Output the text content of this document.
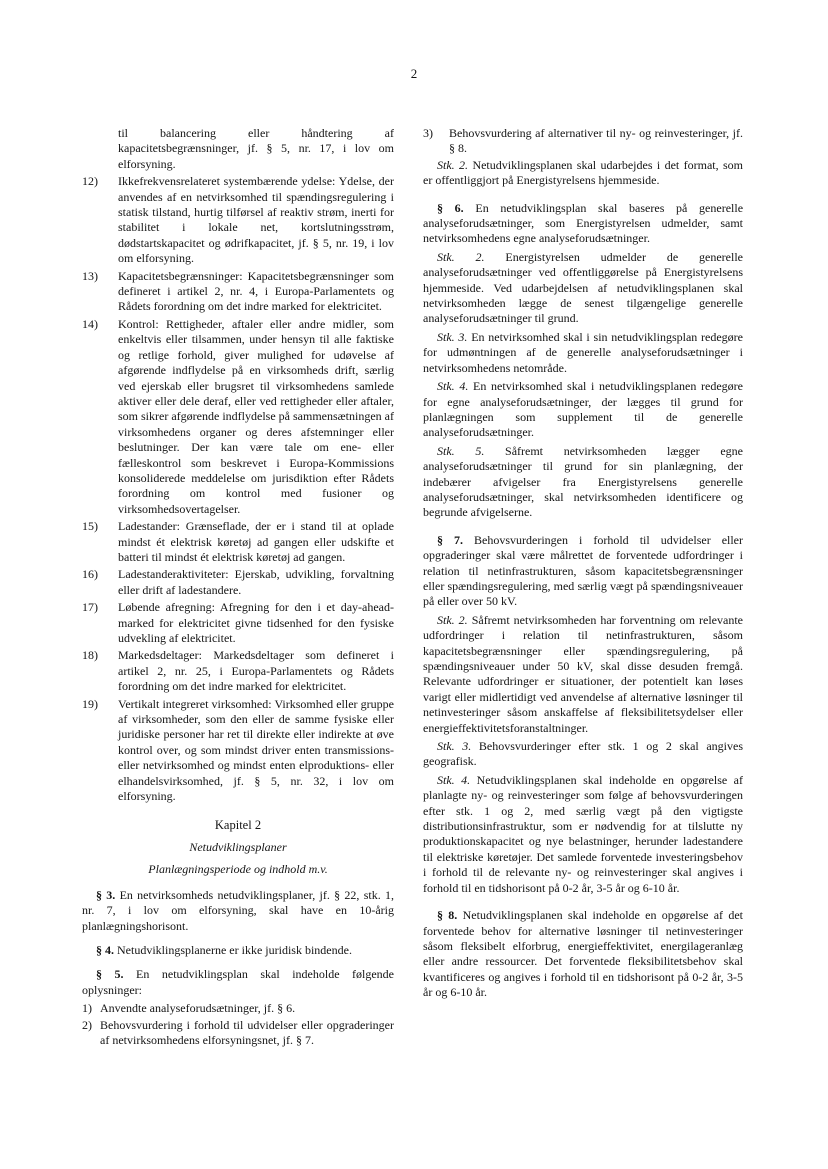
2
til balancering eller håndtering af kapacitetsbegrænsninger, jf. § 5, nr. 17, i lov om elforsyning.
12) Ikkefrekvensrelateret systembærende ydelse: Ydelse, der anvendes af en netvirksomhed til spændingsregulering i statisk tilstand, hurtig tilførsel af reaktiv strøm, inerti for stabilitet i lokale net, kortslutningsstrøm, dødstartskapacitet og ødrifkapacitet, jf. § 5, nr. 19, i lov om elforsyning.
13) Kapacitetsbegrænsninger: Kapacitetsbegrænsninger som defineret i artikel 2, nr. 4, i Europa-Parlamentets og Rådets forordning om det indre marked for elektricitet.
14) Kontrol: Rettigheder, aftaler eller andre midler, som enkeltvis eller tilsammen, under hensyn til alle faktiske og retlige forhold, giver mulighed for udøvelse af afgørende indflydelse på en virksomheds drift, særlig ved ejerskab eller brugsret til virksomhedens samlede aktiver eller dele deraf, eller ved rettigheder eller aftaler, som sikrer afgørende indflydelse på sammensætningen af virksomhedens organer og deres afstemninger eller beslutninger. Der kan være tale om ene- eller fælleskontrol som beskrevet i Europa-Kommissions konsoliderede meddelelse om jurisdiktion efter Rådets forordning om kontrol med fusioner og virksomhedsovertagelser.
15) Ladestander: Grænseflade, der er i stand til at oplade mindst ét elektrisk køretøj ad gangen eller udskifte et batteri til mindst ét elektrisk køretøj ad gangen.
16) Ladestanderaktiviteter: Ejerskab, udvikling, forvaltning eller drift af ladestandere.
17) Løbende afregning: Afregning for den i et day-ahead-marked for elektricitet givne tidsenhed for den fysiske udvekling af elektricitet.
18) Markedsdeltager: Markedsdeltager som defineret i artikel 2, nr. 25, i Europa-Parlamentets og Rådets forordning om det indre marked for elektricitet.
19) Vertikalt integreret virksomhed: Virksomhed eller gruppe af virksomheder, som den eller de samme fysiske eller juridiske personer har ret til direkte eller indirekte at øve kontrol over, og som mindst driver enten transmissions- eller netvirksomhed og mindst enten elproduktions- eller elhandelsvirksomhed, jf. § 5, nr. 32, i lov om elforsyning.
Kapitel 2
Netudviklingsplaner
Planlægningsperiode og indhold m.v.

§ 3. En netvirksomheds netudviklingsplaner, jf. § 22, stk. 1, nr. 7, i lov om elforsyning, skal have en 10-årig planlægningshorisont.

§ 4. Netudviklingsplanerne er ikke juridisk bindende.

§ 5. En netudviklingsplan skal indeholde følgende oplysninger:

1) Anvendte analyseforudsætninger, jf. § 6.
2) Behovsvurdering i forhold til udvidelser eller opgraderinger af netvirksomhedens elforsyningsnet, jf. § 7.
3) Behovsvurdering af alternativer til ny- og reinvesteringer, jf. § 8.

Stk. 2. Netudviklingsplanen skal udarbejdes i det format, som er offentliggjort på Energistyrelsens hjemmeside.

§ 6. En netudviklingsplan skal baseres på generelle analyseforudsætninger, som Energistyrelsen udmelder, samt netvirksomhedens egne analyseforudsætninger.

Stk. 2. Energistyrelsen udmelder de generelle analyseforudsætninger ved offentliggørelse på Energistyrelsens hjemmeside. Ved udarbejdelsen af netudviklingsplanen skal netvirksomheden lægge de senest tilgængelige generelle analyseforudsætninger til grund.

Stk. 3. En netvirksomhed skal i sin netudviklingsplan redegøre for udmøntningen af de generelle analyseforudsætninger i netvirksomhedens netområde.

Stk. 4. En netvirksomhed skal i netudviklingsplanen redegøre for egne analyseforudsætninger, der lægges til grund for planlægningen som supplement til de generelle analyseforudsætninger.

Stk. 5. Såfremt netvirksomheden lægger egne analyseforudsætninger til grund for sin planlægning, der indebærer afvigelser fra Energistyrelsens generelle analyseforudsætninger, skal netvirksomheden identificere og begrunde afvigelserne.

§ 7. Behovsvurderingen i forhold til udvidelser eller opgraderinger skal være målrettet de forventede udfordringer i relation til netinfrastrukturen, såsom kapacitetsbegrænsninger eller spændingsregulering, med særlig vægt på spændingsniveauer på eller over 50 kV.

Stk. 2. Såfremt netvirksomheden har forventning om relevante udfordringer i relation til netinfrastrukturen, såsom kapacitetsbegrænsninger eller spændingsregulering, på spændingsniveauer under 50 kV, skal disse desuden fremgå. Relevante udfordringer er situationer, der potentielt kan løses varigt eller midlertidigt ved anvendelse af alternative løsninger til netinvesteringer såsom anskaffelse af fleksibilitetsydelser eller energieffektivitetsforanstaltninger.

Stk. 3. Behovsvurderinger efter stk. 1 og 2 skal angives geografisk.

Stk. 4. Netudviklingsplanen skal indeholde en opgørelse af planlagte ny- og reinvesteringer som følge af behovsvurderingen efter stk. 1 og 2, med særlig vægt på den vigtigste distributionsinfrastruktur, som er nødvendig for at tilslutte ny produktionskapacitet og nye belastninger, herunder ladestandere til elektriske køretøjer. Det samlede forventede investeringsbehov i forhold til de relevante ny- og reinvesteringer skal angives i forhold til en tidshorisont på 0-2 år, 3-5 år og 6-10 år.

§ 8. Netudviklingsplanen skal indeholde en opgørelse af det forventede behov for alternative løsninger til netinvesteringer såsom fleksibelt elforbrug, energieffektivitet, energilageranlæg eller andre ressourcer. Det forventede fleksibilitetsbehov skal kvantificeres og angives i forhold til en tidshorisont på 0-2 år, 3-5 år og 6-10 år.
